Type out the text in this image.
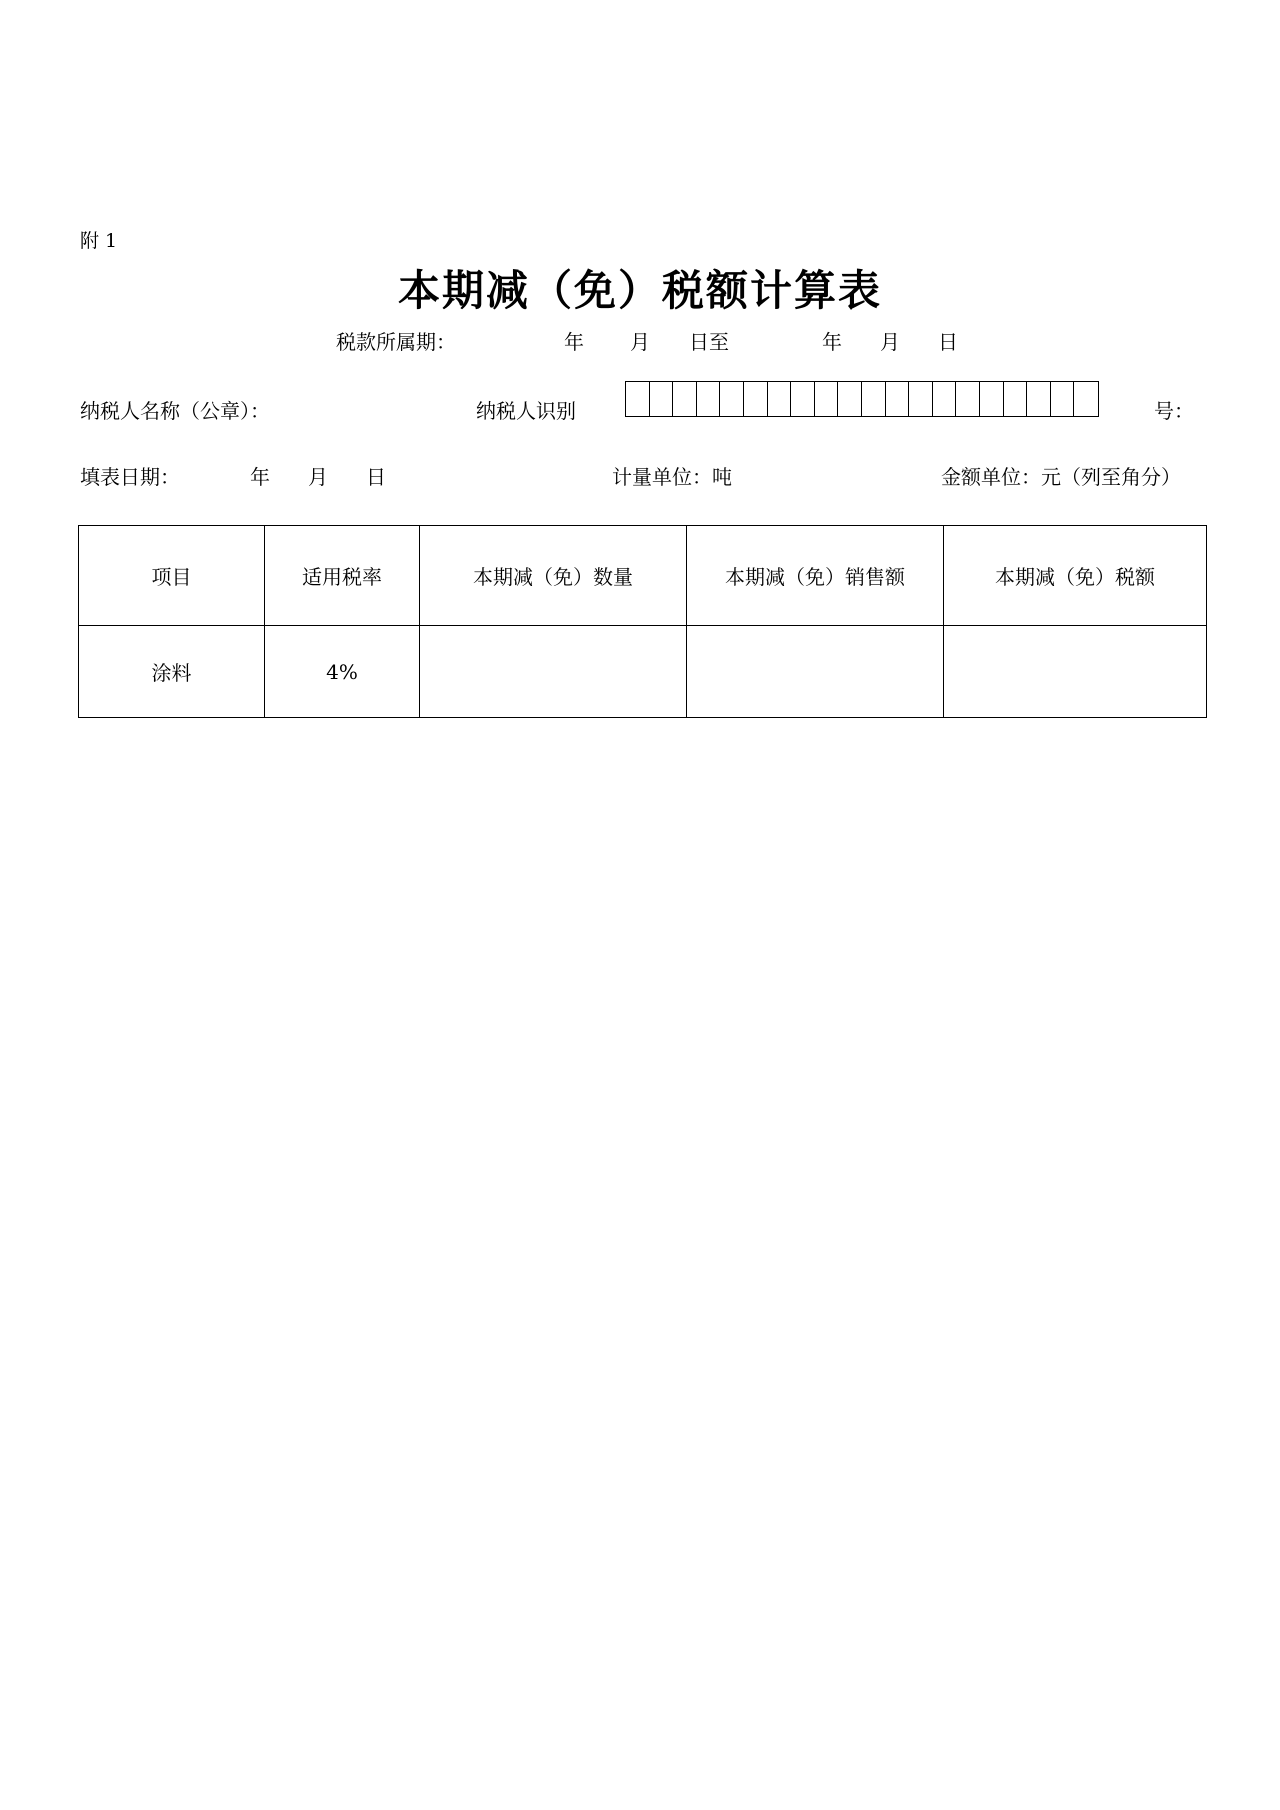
附 1
本期减（免）税额计算表
税款所属期：	年 月 日至	年 月 日
纳税人名称（公章）：	纳税人识别	号：
填表日期：	年 月 日	计量单位：吨	金额单位：元（列至角分）
项目	适用税率	本期减（免）数量	本期减（免）销售额	本期减（免）税额
涂料	4%			
